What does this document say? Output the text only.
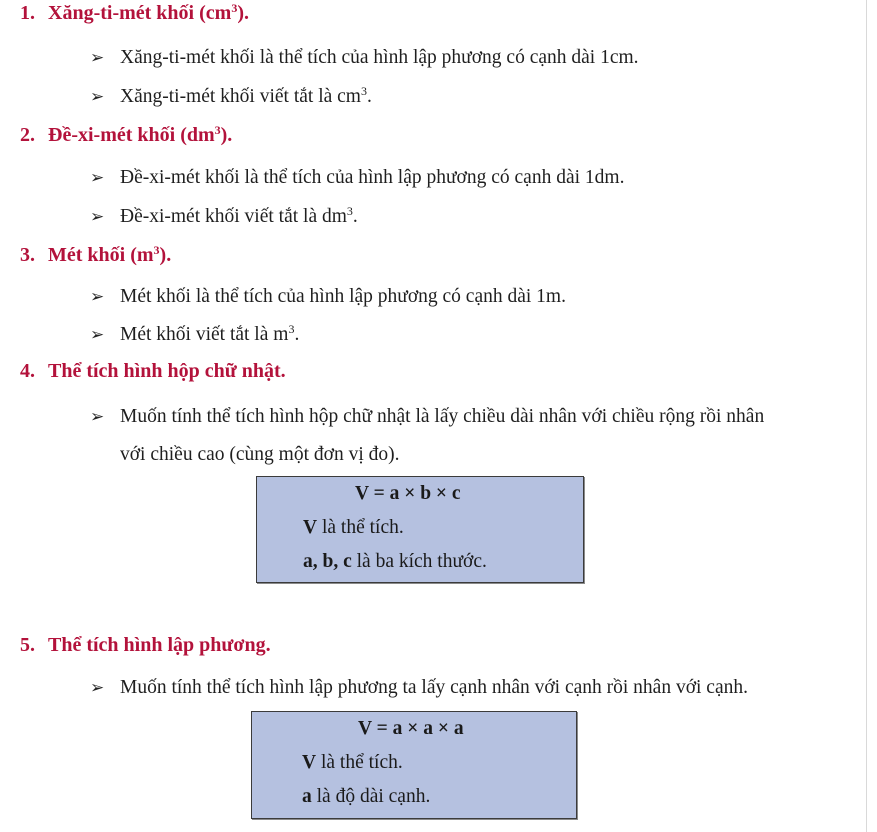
1. Xăng-ti-mét khối $(cm^3)$.
➢ Xăng-ti-mét khối là thể tích của hình lập phương có cạnh dài 1cm.
➢ Xăng-ti-mét khối viết tắt là $cm^3$.
2. Đề-xi-mét khối $(dm^3)$.
➢ Đề-xi-mét khối là thể tích của hình lập phương có cạnh dài 1dm.
➢ Đề-xi-mét khối viết tắt là $dm^3$.
3. Mét khối $(m^3)$.
➢ Mét khối là thể tích của hình lập phương có cạnh dài 1m.
➢ Mét khối viết tắt là $m^3$.
4. Thể tích hình hộp chữ nhật.
➢ Muốn tính thể tích hình hộp chữ nhật là lấy chiều dài nhân với chiều rộng rồi nhân
với chiều cao (cùng một đơn vị đo).
V = a × b × c
V là thể tích.
a, b, c là ba kích thước.
5. Thể tích hình lập phương.
➢ Muốn tính thể tích hình lập phương ta lấy cạnh nhân với cạnh rồi nhân với cạnh.
V = a × a × a
V là thể tích.
a là độ dài cạnh.
